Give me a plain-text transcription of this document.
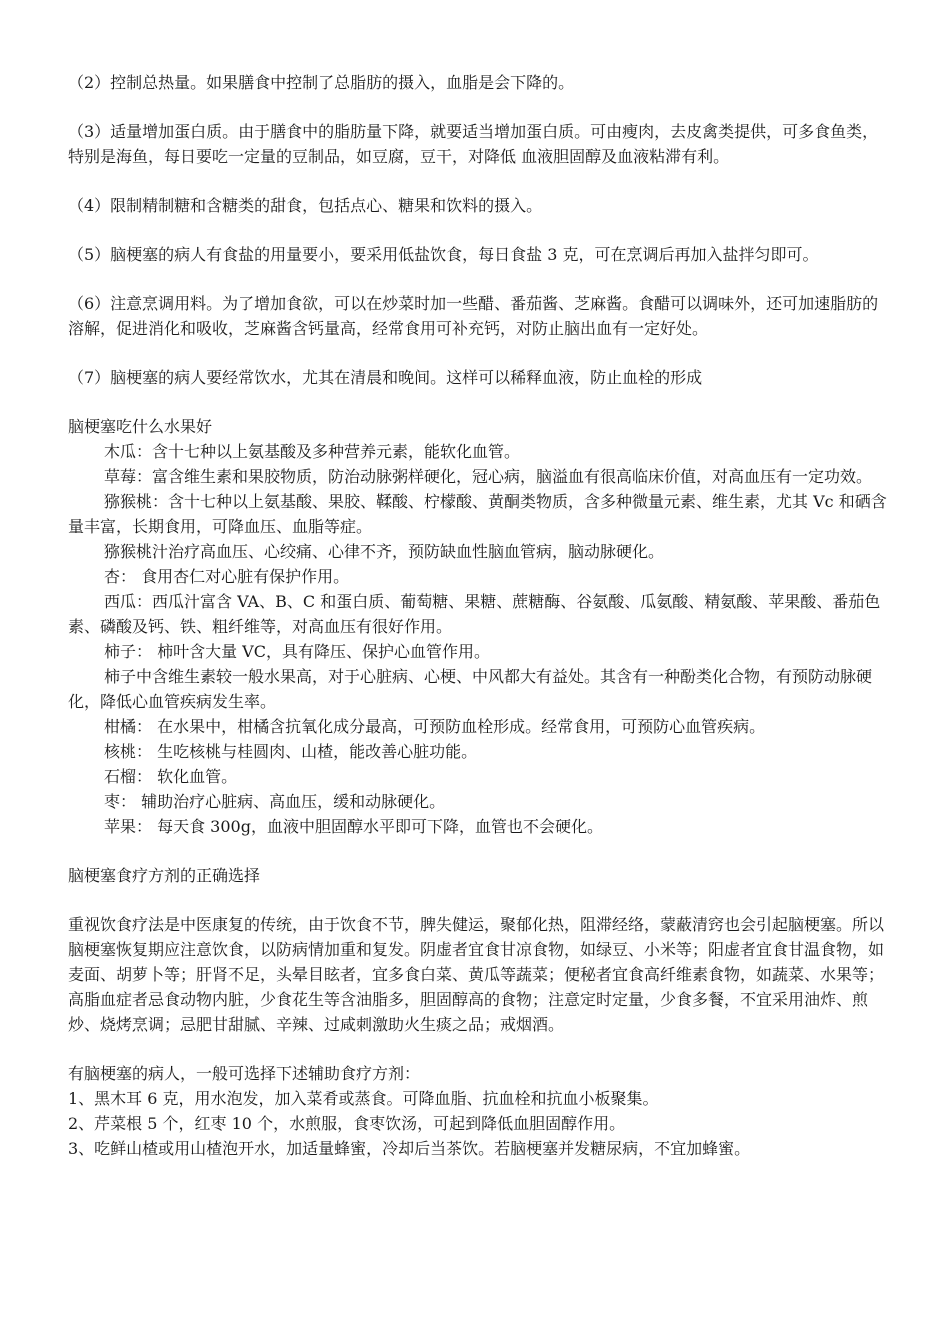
（2）控制总热量。如果膳食中控制了总脂肪的摄入，血脂是会下降的。

（3）适量增加蛋白质。由于膳食中的脂肪量下降，就要适当增加蛋白质。可由瘦肉，去皮禽类提供，可多食鱼类，特别是海鱼，每日要吃一定量的豆制品，如豆腐，豆干，对降低 血液胆固醇及血液粘滞有利。

（4）限制精制糖和含糖类的甜食，包括点心、糖果和饮料的摄入。

（5）脑梗塞的病人有食盐的用量要小，要采用低盐饮食，每日食盐 3 克，可在烹调后再加入盐拌匀即可。

（6）注意烹调用料。为了增加食欲，可以在炒菜时加一些醋、番茄酱、芝麻酱。食醋可以调味外，还可加速脂肪的溶解，促进消化和吸收，芝麻酱含钙量高，经常食用可补充钙，对防止脑出血有一定好处。

（7）脑梗塞的病人要经常饮水，尤其在清晨和晚间。这样可以稀释血液，防止血栓的形成

脑梗塞吃什么水果好

木瓜：含十七种以上氨基酸及多种营养元素，能软化血管。

草莓：富含维生素和果胶物质，防治动脉粥样硬化，冠心病，脑溢血有很高临床价值，对高血压有一定功效。

猕猴桃：含十七种以上氨基酸、果胶、鞣酸、柠檬酸、黄酮类物质，含多种微量元素、维生素，尤其 Vc 和硒含量丰富，长期食用，可降血压、血脂等症。

猕猴桃汁治疗高血压、心绞痛、心律不齐，预防缺血性脑血管病，脑动脉硬化。

杏： 食用杏仁对心脏有保护作用。

西瓜：西瓜汁富含 VA、B、C 和蛋白质、葡萄糖、果糖、蔗糖酶、谷氨酸、瓜氨酸、精氨酸、苹果酸、番茄色素、磷酸及钙、铁、粗纤维等，对高血压有很好作用。

柿子： 柿叶含大量 VC，具有降压、保护心血管作用。

柿子中含维生素较一般水果高，对于心脏病、心梗、中风都大有益处。其含有一种酚类化合物，有预防动脉硬化，降低心血管疾病发生率。

柑橘： 在水果中，柑橘含抗氧化成分最高，可预防血栓形成。经常食用，可预防心血管疾病。

核桃： 生吃核桃与桂圆肉、山楂，能改善心脏功能。

石榴： 软化血管。

枣： 辅助治疗心脏病、高血压，缓和动脉硬化。

苹果： 每天食 300g，血液中胆固醇水平即可下降，血管也不会硬化。

脑梗塞食疗方剂的正确选择

重视饮食疗法是中医康复的传统，由于饮食不节，脾失健运，聚郁化热，阻滞经络，蒙蔽清窍也会引起脑梗塞。所以脑梗塞恢复期应注意饮食，以防病情加重和复发。阴虚者宜食甘凉食物，如绿豆、小米等；阳虚者宜食甘温食物，如麦面、胡萝卜等；肝肾不足，头晕目眩者，宜多食白菜、黄瓜等蔬菜；便秘者宜食高纤维素食物，如蔬菜、水果等；高脂血症者忌食动物内脏，少食花生等含油脂多，胆固醇高的食物；注意定时定量，少食多餐，不宜采用油炸、煎炒、烧烤烹调；忌肥甘甜腻、辛辣、过咸刺激助火生痰之品；戒烟酒。

有脑梗塞的病人，一般可选择下述辅助食疗方剂：

1、黑木耳 6 克，用水泡发，加入菜肴或蒸食。可降血脂、抗血栓和抗血小板聚集。

2、芹菜根 5 个，红枣 10 个，水煎服，食枣饮汤，可起到降低血胆固醇作用。

3、吃鲜山楂或用山楂泡开水，加适量蜂蜜，冷却后当茶饮。若脑梗塞并发糖尿病，不宜加蜂蜜。
